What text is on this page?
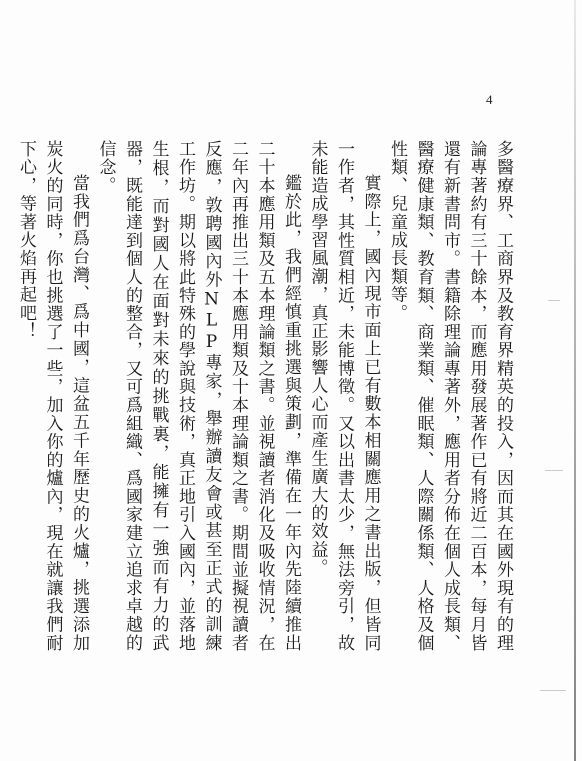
4

多醫療界、工商界及教育界精英的投入，因而其在國外現有的理論專著約有三十餘本，而應用發展著作已有將近二百本，每月皆還有新書問市。書籍除理論專著外，應用者分佈在個人成長類、醫療健康類、教育類、商業類、催眠類、人際關係類、人格及個性類、兒童成長類等。

實際上，國內現市面上已有數本相關應用之書出版，但皆同一作者，其性質相近，未能博徵。又以出書太少，無法旁引，故未能造成學習風潮，真正影響人心而產生廣大的效益。

鑑於此，我們經慎重挑選與策劃，準備在一年內先陸續推出二十本應用類及五本理論類之書。並視讀者消化及吸收情況，在二年內再推出三十本應用類及十本理論類之書。期間並擬視讀者反應，敦聘國內外NLP專家，舉辦讀友會或甚至正式的訓練工作坊。期以將此特殊的學說與技術，真正地引入國內，並落地生根，而對國人在面對未來的挑戰裏，能擁有一強而有力的武器，既能達到個人的整合，又可爲組織、爲國家建立追求卓越的信念。

當我們爲台灣、爲中國，這盆五千年歷史的火爐，挑選添加炭火的同時，你也挑選了一些，加入你的爐內，現在就讓我們耐下心，等著火焰再起吧！
